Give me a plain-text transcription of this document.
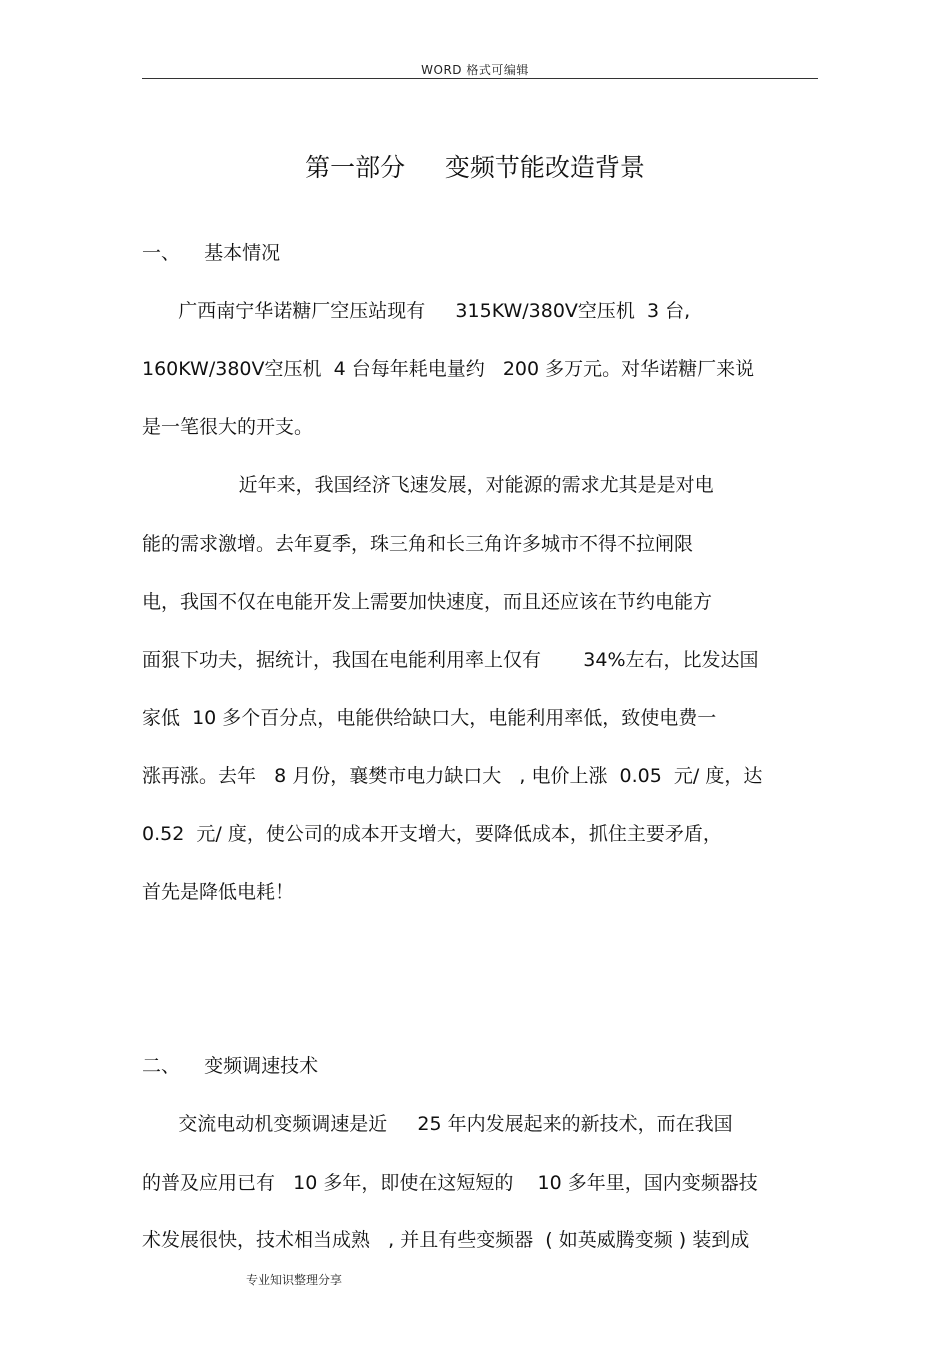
WORD 格式可编辑
第一部分     变频节能改造背景
一、    基本情况
广西南宁华诺糖厂空压站现有     315KW/380V空压机  3 台,
160KW/380V空压机  4 台每年耗电量约   200 多万元。对华诺糖厂来说
是一笔很大的开支。
近年来，我国经济飞速发展，对能源的需求尤其是是对电
能的需求激增。去年夏季，珠三角和长三角许多城市不得不拉闸限
电，我国不仅在电能开发上需要加快速度，而且还应该在节约电能方
面狠下功夫，据统计，我国在电能利用率上仅有       34%左右，比发达国
家低  10 多个百分点，电能供给缺口大，电能利用率低，致使电费一
涨再涨。去年   8 月份，襄樊市电力缺口大   , 电价上涨  0.05  元/ 度，达
0.52  元/ 度，使公司的成本开支增大，要降低成本，抓住主要矛盾，
首先是降低电耗！
二、    变频调速技术
交流电动机变频调速是近     25 年内发展起来的新技术，而在我国
的普及应用已有   10 多年，即使在这短短的    10 多年里，国内变频器技
术发展很快，技术相当成熟   , 并且有些变频器  ( 如英威腾变频 ) 装到成
专业知识整理分享
